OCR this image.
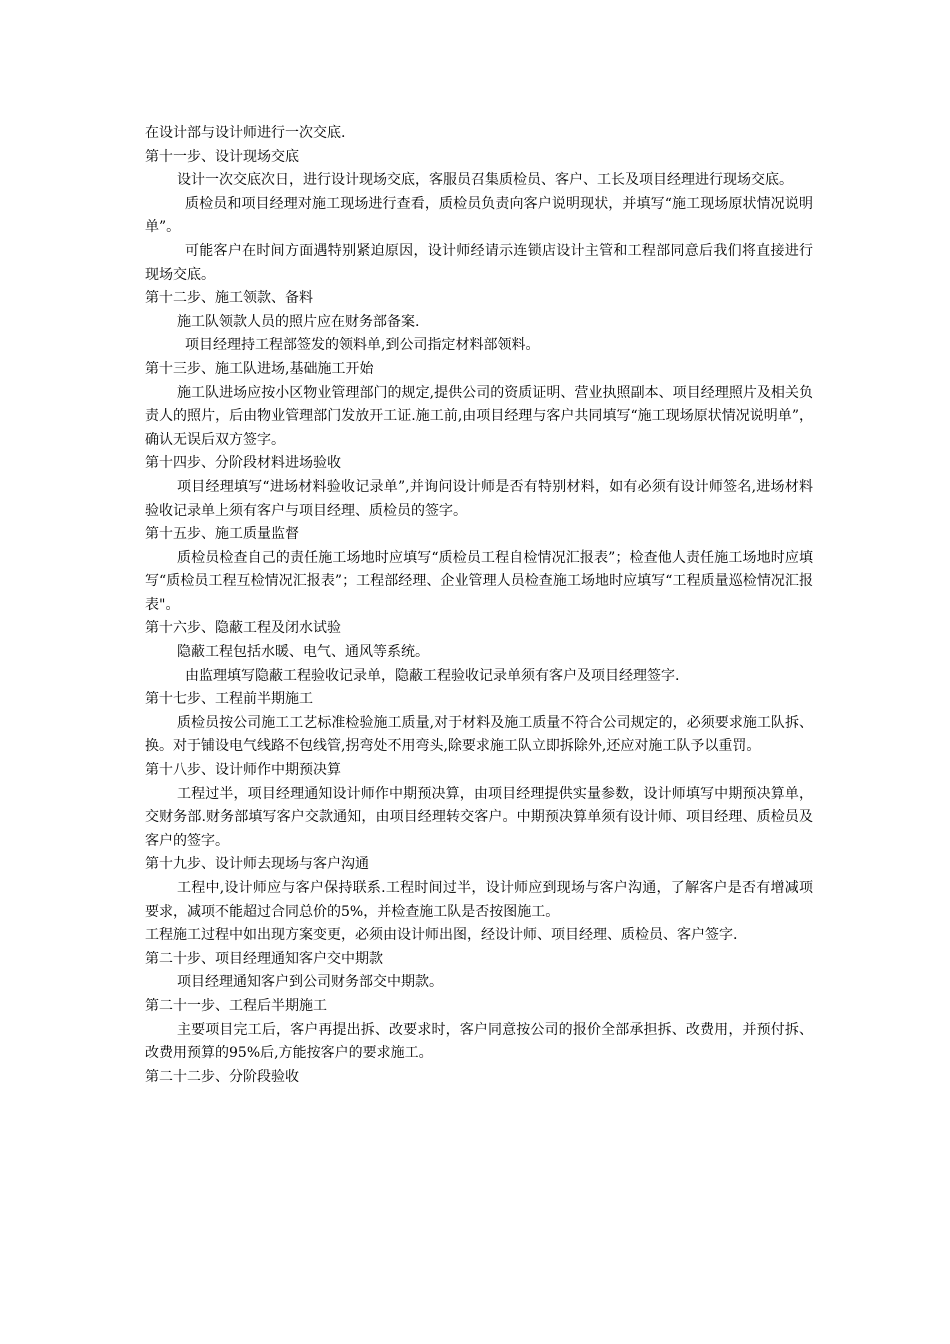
在设计部与设计师进行一次交底.

第十一步、设计现场交底

设计一次交底次日，进行设计现场交底，客服员召集质检员、客户、工长及项目经理进行现场交底。

质检员和项目经理对施工现场进行查看，质检员负责向客户说明现状，并填写“施工现场原状情况说明单”。

可能客户在时间方面遇特别紧迫原因，设计师经请示连锁店设计主管和工程部同意后我们将直接进行现场交底。

第十二步、施工领款、备料

施工队领款人员的照片应在财务部备案.

项目经理持工程部签发的领料单,到公司指定材料部领料。

第十三步、施工队进场,基础施工开始

施工队进场应按小区物业管理部门的规定,提供公司的资质证明、营业执照副本、项目经理照片及相关负责人的照片，后由物业管理部门发放开工证.施工前,由项目经理与客户共同填写“施工现场原状情况说明单”，确认无误后双方签字。

第十四步、分阶段材料进场验收

项目经理填写“进场材料验收记录单”,并询问设计师是否有特别材料，如有必须有设计师签名,进场材料验收记录单上须有客户与项目经理、质检员的签字。

第十五步、施工质量监督

质检员检查自己的责任施工场地时应填写“质检员工程自检情况汇报表”；检查他人责任施工场地时应填写“质检员工程互检情况汇报表”；工程部经理、企业管理人员检查施工场地时应填写“工程质量巡检情况汇报表"。

第十六步、隐蔽工程及闭水试验

隐蔽工程包括水暖、电气、通风等系统。

由监理填写隐蔽工程验收记录单，隐蔽工程验收记录单须有客户及项目经理签字.

第十七步、工程前半期施工

质检员按公司施工工艺标准检验施工质量,对于材料及施工质量不符合公司规定的，必须要求施工队拆、换。对于铺设电气线路不包线管,拐弯处不用弯头,除要求施工队立即拆除外,还应对施工队予以重罚。

第十八步、设计师作中期预决算

工程过半，项目经理通知设计师作中期预决算，由项目经理提供实量参数，设计师填写中期预决算单，交财务部.财务部填写客户交款通知，由项目经理转交客户。中期预决算单须有设计师、项目经理、质检员及客户的签字。

第十九步、设计师去现场与客户沟通

工程中,设计师应与客户保持联系.工程时间过半，设计师应到现场与客户沟通，了解客户是否有增减项要求，减项不能超过合同总价的5%，并检查施工队是否按图施工。

工程施工过程中如出现方案变更，必须由设计师出图，经设计师、项目经理、质检员、客户签字.

第二十步、项目经理通知客户交中期款

项目经理通知客户到公司财务部交中期款。

第二十一步、工程后半期施工

主要项目完工后，客户再提出拆、改要求时，客户同意按公司的报价全部承担拆、改费用，并预付拆、改费用预算的95%后,方能按客户的要求施工。

第二十二步、分阶段验收
